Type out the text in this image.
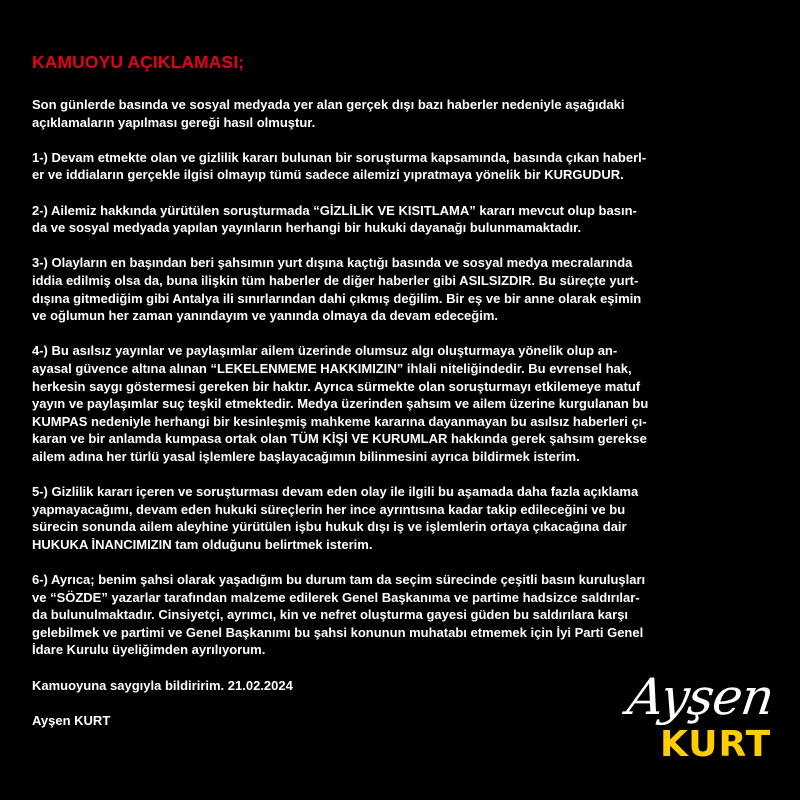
KAMUOYU AÇIKLAMASI;

Son günlerde basında ve sosyal medyada yer alan gerçek dışı bazı haberler nedeniyle aşağıdaki
açıklamaların yapılması gereği hasıl olmuştur.

1-) Devam etmekte olan ve gizlilik kararı bulunan bir soruşturma kapsamında, basında çıkan haberl-
er ve iddiaların gerçekle ilgisi olmayıp tümü sadece ailemizi yıpratmaya yönelik bir KURGUDUR.

2-) Ailemiz hakkında yürütülen soruşturmada “GİZLİLİK VE KISITLAMA” kararı mevcut olup basın-
da ve sosyal medyada yapılan yayınların herhangi bir hukuki dayanağı bulunmamaktadır.

3-) Olayların en başından beri şahsımın yurt dışına kaçtığı basında ve sosyal medya mecralarında
iddia edilmiş olsa da, buna ilişkin tüm haberler de diğer haberler gibi ASILSIZDIR. Bu süreçte yurt-
dışına gitmediğim gibi Antalya ili sınırlarından dahi çıkmış değilim. Bir eş ve bir anne olarak eşimin
ve oğlumun her zaman yanındayım ve yanında olmaya da devam edeceğim.

4-) Bu asılsız yayınlar ve paylaşımlar ailem üzerinde olumsuz algı oluşturmaya yönelik olup an-
ayasal güvence altına alınan “LEKELENMEME HAKKIMIZIN” ihlali niteliğindedir. Bu evrensel hak,
herkesin saygı göstermesi gereken bir haktır. Ayrıca sürmekte olan soruşturmayı etkilemeye matuf
yayın ve paylaşımlar suç teşkil etmektedir. Medya üzerinden şahsım ve ailem üzerine kurgulanan bu
KUMPAS nedeniyle herhangi bir kesinleşmiş mahkeme kararına dayanmayan bu asılsız haberleri çı-
karan ve bir anlamda kumpasa ortak olan TÜM KİŞİ VE KURUMLAR hakkında gerek şahsım gerekse
ailem adına her türlü yasal işlemlere başlayacağımın bilinmesini ayrıca bildirmek isterim.

5-) Gizlilik kararı içeren ve soruşturması devam eden olay ile ilgili bu aşamada daha fazla açıklama
yapmayacağımı, devam eden hukuki süreçlerin her ince ayrıntısına kadar takip edileceğini ve bu
sürecin sonunda ailem aleyhine yürütülen işbu hukuk dışı iş ve işlemlerin ortaya çıkacağına dair
HUKUKA İNANCIMIZIN tam olduğunu belirtmek isterim.

6-) Ayrıca; benim şahsi olarak yaşadığım bu durum tam da seçim sürecinde çeşitli basın kuruluşları
ve “SÖZDE” yazarlar tarafından malzeme edilerek Genel Başkanıma ve partime hadsizce saldırılar-
da bulunulmaktadır. Cinsiyetçi, ayrımcı, kin ve nefret oluşturma gayesi güden bu saldırılara karşı
gelebilmek ve partimi ve Genel Başkanımı bu şahsi konunun muhatabı etmemek için İyi Parti Genel
İdare Kurulu üyeliğimden ayrılıyorum.

Kamuoyuna saygıyla bildiririm. 21.02.2024

Ayşen KURT	Ayşen
KURT
